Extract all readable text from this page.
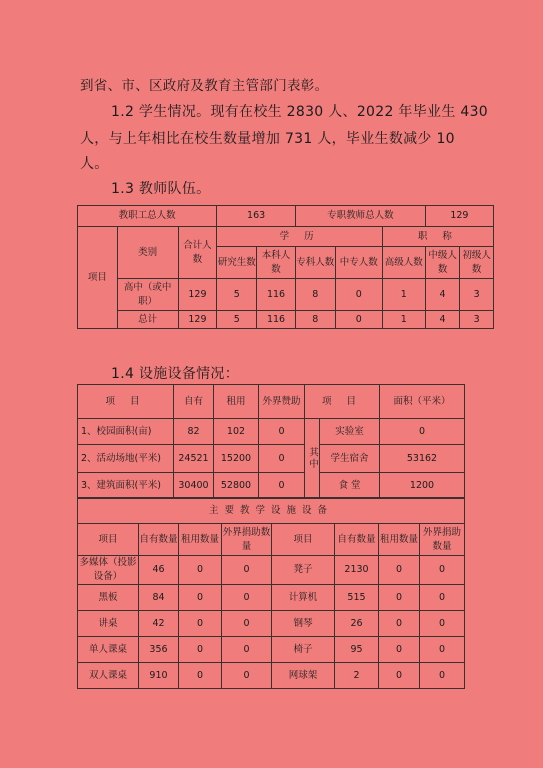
到省、市、区政府及教育主管部门表彰。
1.2 学生情况。现有在校生 2830 人、2022 年毕业生 430
人，与上年相比在校生数量增加 731 人，毕业生数减少 10
人。
1.3 教师队伍。
教职工总人数			163		专职教师总人数			129	
项目	类别	合计人数	学 历				职 称		
			研究生数	本科人数	专科人数	中专人数	高级人数	中级人数	初级人数
	高中（或中职）	129	5	116	8	0	1	4	3
	总计	129	5	116	8	0	1	4	3
1.4 设施设备情况：
项 目	自有	租用	外界赞助	项 目		面积（平米）
1、校园面积(亩)	82	102	0	其中	实验室	0
2、活动场地(平米)	24521	15200	0		学生宿舍	53162
3、建筑面积(平米)	30400	52800	0		食 堂	1200
主要教学设施设备							
项目	自有数量	租用数量	外界捐助数量	项目	自有数量	租用数量	外界捐助数量
多媒体（投影设备）	46	0	0	凳子	2130	0	0
黑板	84	0	0	计算机	515	0	0
讲桌	42	0	0	钢琴	26	0	0
单人课桌	356	0	0	椅子	95	0	0
双人课桌	910	0	0	网球架	2	0	0
